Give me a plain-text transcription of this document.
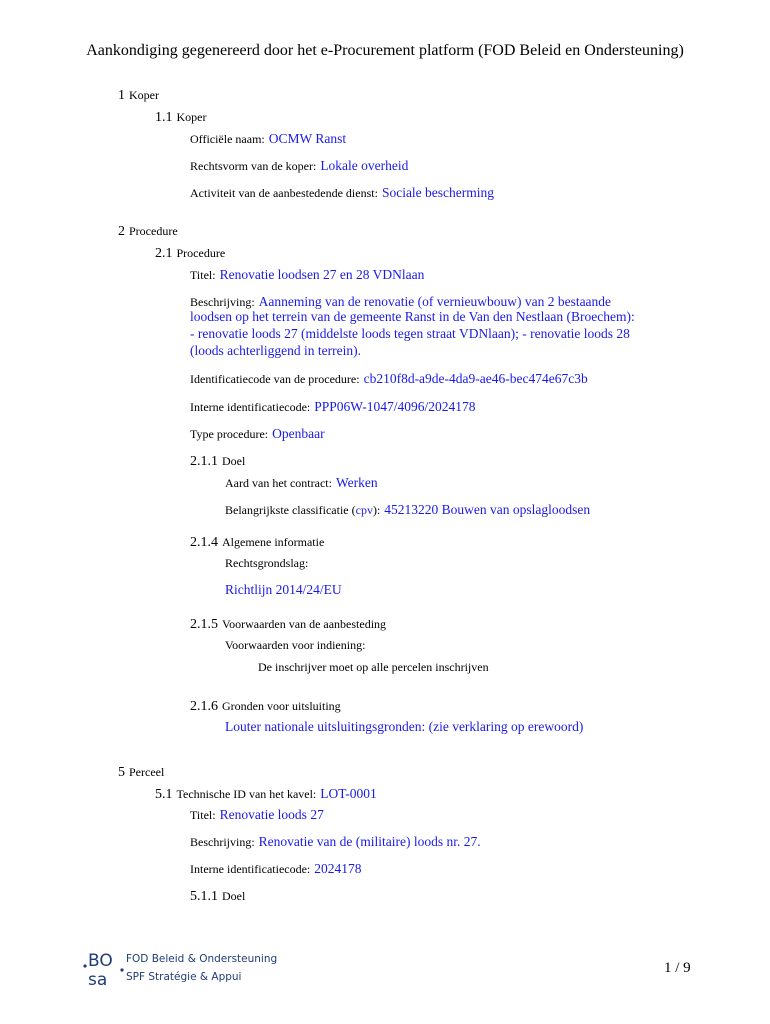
Aankondiging gegenereerd door het e-Procurement platform (FOD Beleid en Ondersteuning)
1 Koper
1.1 Koper
Officiële naam: OCMW Ranst
Rechtsvorm van de koper: Lokale overheid
Activiteit van de aanbestedende dienst: Sociale bescherming
2 Procedure
2.1 Procedure
Titel: Renovatie loodsen 27 en 28 VDNlaan
Beschrijving: Aanneming van de renovatie (of vernieuwbouw) van 2 bestaande
loodsen op het terrein van de gemeente Ranst in de Van den Nestlaan (Broechem):
- renovatie loods 27 (middelste loods tegen straat VDNlaan); - renovatie loods 28
(loods achterliggend in terrein).
Identificatiecode van de procedure: cb210f8d-a9de-4da9-ae46-bec474e67c3b
Interne identificatiecode: PPP06W-1047/4096/2024178
Type procedure: Openbaar
2.1.1 Doel
Aard van het contract: Werken
Belangrijkste classificatie (cpv): 45213220 Bouwen van opslagloodsen
2.1.4 Algemene informatie
Rechtsgrondslag:
Richtlijn 2014/24/EU
2.1.5 Voorwaarden van de aanbesteding
Voorwaarden voor indiening:
De inschrijver moet op alle percelen inschrijven
2.1.6 Gronden voor uitsluiting
Louter nationale uitsluitingsgronden: (zie verklaring op erewoord)
5 Perceel
5.1 Technische ID van het kavel: LOT-0001
Titel: Renovatie loods 27
Beschrijving: Renovatie van de (militaire) loods nr. 27.
Interne identificatiecode: 2024178
5.1.1 Doel
BO
sa
FOD Beleid & Ondersteuning
SPF Stratégie & Appui
1 / 9
